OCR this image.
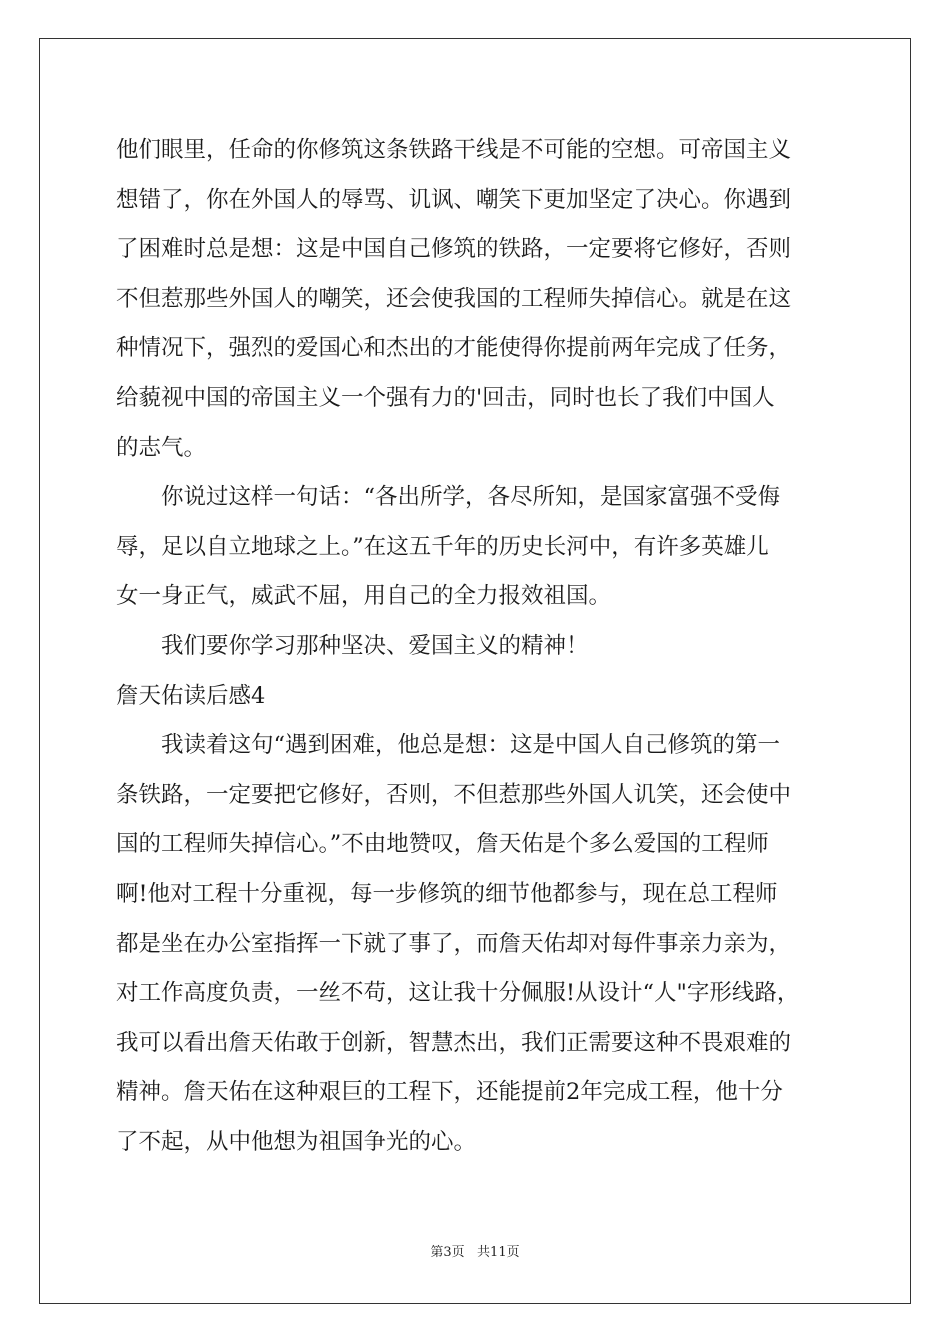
他们眼里，任命的你修筑这条铁路干线是不可能的空想。可帝国主义
想错了，你在外国人的辱骂、讥讽、嘲笑下更加坚定了决心。你遇到
了困难时总是想：这是中国自己修筑的铁路，一定要将它修好，否则
不但惹那些外国人的嘲笑，还会使我国的工程师失掉信心。就是在这
种情况下，强烈的爱国心和杰出的才能使得你提前两年完成了任务，
给藐视中国的帝国主义一个强有力的'回击，同时也长了我们中国人
的志气。
　　你说过这样一句话：“各出所学，各尽所知，是国家富强不受侮
辱，足以自立地球之上。”在这五千年的历史长河中，有许多英雄儿
女一身正气，威武不屈，用自己的全力报效祖国。
　　我们要你学习那种坚决、爱国主义的精神！
詹天佑读后感4
　　我读着这句“遇到困难，他总是想：这是中国人自己修筑的第一
条铁路，一定要把它修好，否则，不但惹那些外国人讥笑，还会使中
国的工程师失掉信心。”不由地赞叹，詹天佑是个多么爱国的工程师
啊!他对工程十分重视，每一步修筑的细节他都参与，现在总工程师
都是坐在办公室指挥一下就了事了，而詹天佑却对每件事亲力亲为，
对工作高度负责，一丝不苟，这让我十分佩服!从设计“人"字形线路，
我可以看出詹天佑敢于创新，智慧杰出，我们正需要这种不畏艰难的
精神。詹天佑在这种艰巨的工程下，还能提前2年完成工程，他十分
了不起，从中他想为祖国争光的心。
第3页   共11页
